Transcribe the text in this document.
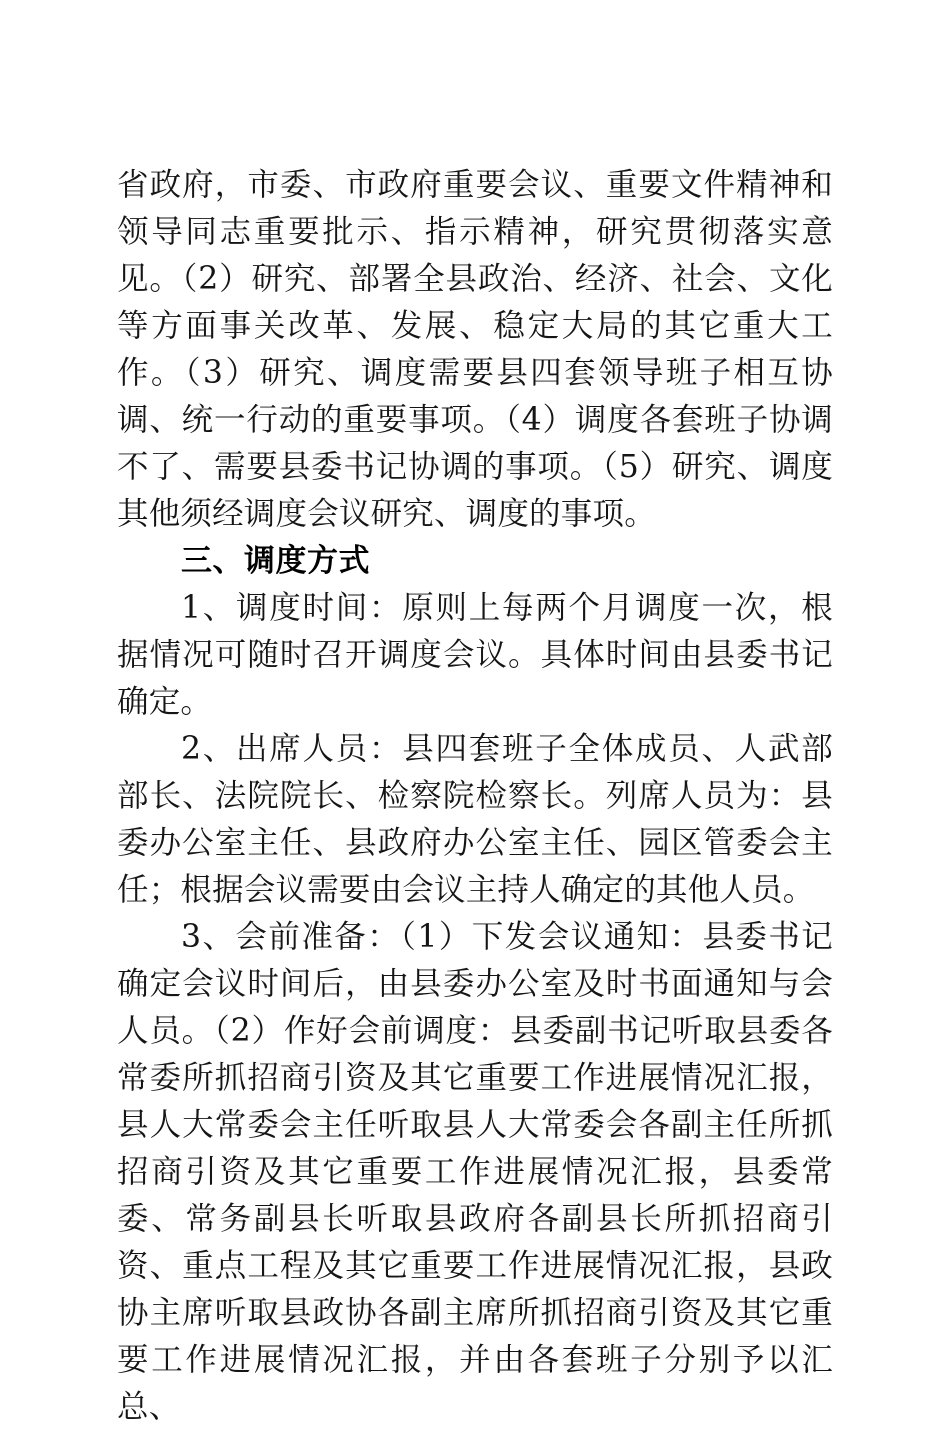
省政府，市委、市政府重要会议、重要文件精神和领导同志重要批示、指示精神，研究贯彻落实意见。（2）研究、部署全县政治、经济、社会、文化等方面事关改革、发展、稳定大局的其它重大工作。（3）研究、调度需要县四套领导班子相互协调、统一行动的重要事项。（4）调度各套班子协调不了、需要县委书记协调的事项。（5）研究、调度其他须经调度会议研究、调度的事项。

三、调度方式

1、调度时间：原则上每两个月调度一次，根据情况可随时召开调度会议。具体时间由县委书记确定。

2、出席人员：县四套班子全体成员、人武部部长、法院院长、检察院检察长。列席人员为：县委办公室主任、县政府办公室主任、园区管委会主任；根据会议需要由会议主持人确定的其他人员。

3、会前准备：（1）下发会议通知：县委书记确定会议时间后，由县委办公室及时书面通知与会人员。（2）作好会前调度：县委副书记听取县委各常委所抓招商引资及其它重要工作进展情况汇报，县人大常委会主任听取县人大常委会各副主任所抓招商引资及其它重要工作进展情况汇报，县委常委、常务副县长听取县政府各副县长所抓招商引资、重点工程及其它重要工作进展情况汇报，县政协主席听取县政协各副主席所抓招商引资及其它重要工作进展情况汇报，并由各套班子分别予以汇总、
